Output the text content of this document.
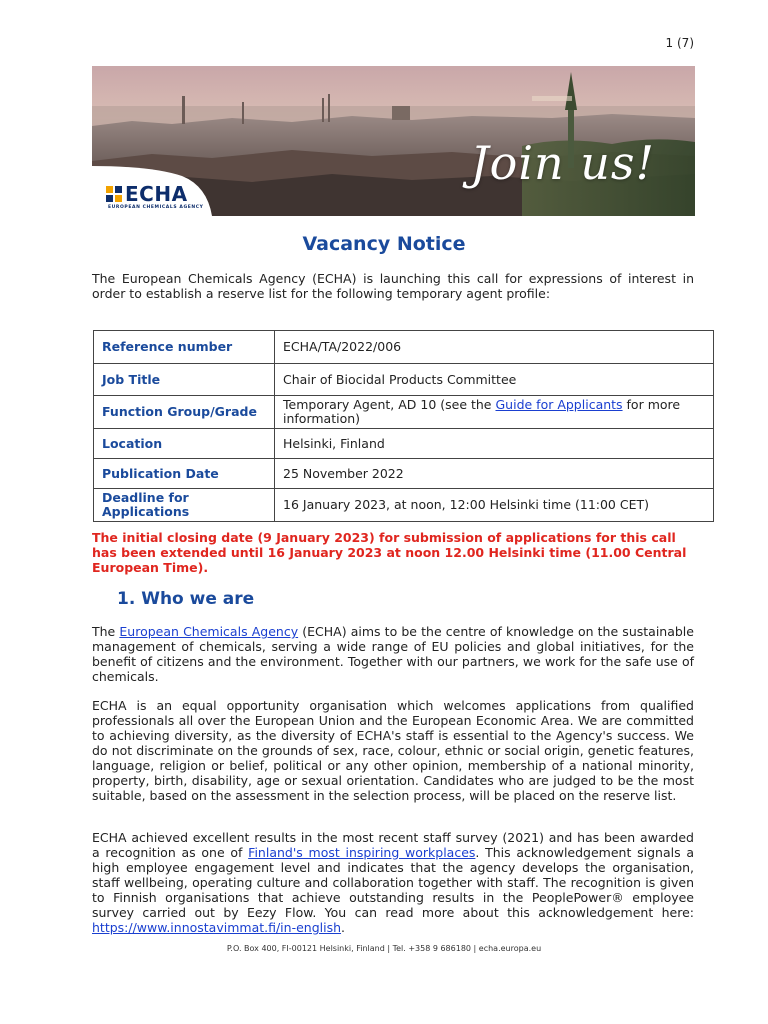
1 (7)
Join us!
ECHA
EUROPEAN CHEMICALS AGENCY
Vacancy Notice
The European Chemicals Agency (ECHA) is launching this call for expressions of interest in order to establish a reserve list for the following temporary agent profile:
Reference number	ECHA/TA/2022/006
Job Title	Chair of Biocidal Products Committee
Function Group/Grade	Temporary Agent, AD 10 (see the Guide for Applicants for more information)
Location	Helsinki, Finland
Publication Date	25 November 2022
Deadline for Applications	16 January 2023, at noon, 12:00 Helsinki time (11:00 CET)
The initial closing date (9 January 2023) for submission of applications for this call has been extended until 16 January 2023 at noon 12.00 Helsinki time (11.00 Central European Time).
1. Who we are
The European Chemicals Agency (ECHA) aims to be the centre of knowledge on the sustainable management of chemicals, serving a wide range of EU policies and global initiatives, for the benefit of citizens and the environment. Together with our partners, we work for the safe use of chemicals.
ECHA is an equal opportunity organisation which welcomes applications from qualified professionals all over the European Union and the European Economic Area. We are committed to achieving diversity, as the diversity of ECHA's staff is essential to the Agency's success. We do not discriminate on the grounds of sex, race, colour, ethnic or social origin, genetic features, language, religion or belief, political or any other opinion, membership of a national minority, property, birth, disability, age or sexual orientation. Candidates who are judged to be the most suitable, based on the assessment in the selection process, will be placed on the reserve list.
ECHA achieved excellent results in the most recent staff survey (2021) and has been awarded a recognition as one of Finland's most inspiring workplaces. This acknowledgement signals a high employee engagement level and indicates that the agency develops the organisation, staff wellbeing, operating culture and collaboration together with staff. The recognition is given to Finnish organisations that achieve outstanding results in the PeoplePower® employee survey carried out by Eezy Flow. You can read more about this acknowledgement here: https://www.innostavimmat.fi/in-english.
P.O. Box 400, FI-00121 Helsinki, Finland | Tel. +358 9 686180 | echa.europa.eu
